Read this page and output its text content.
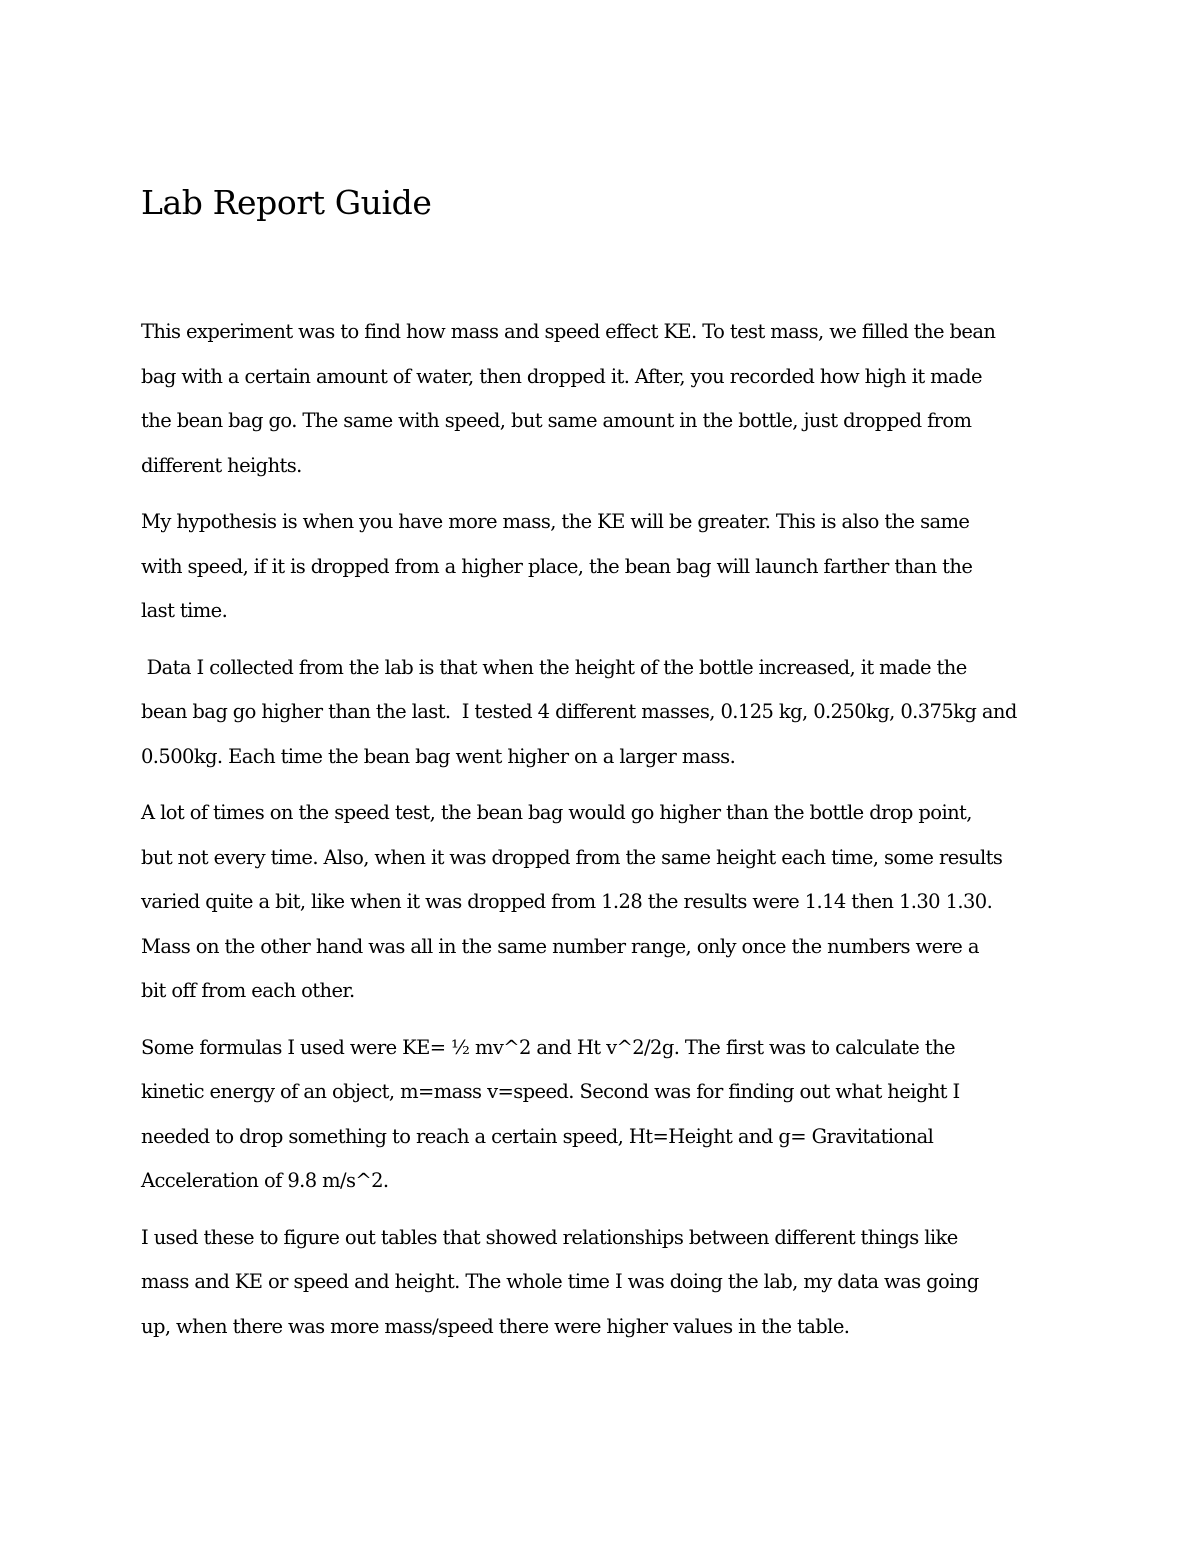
Lab Report Guide

This experiment was to find how mass and speed effect KE. To test mass, we filled the bean
bag with a certain amount of water, then dropped it. After, you recorded how high it made
the bean bag go. The same with speed, but same amount in the bottle, just dropped from
different heights.

My hypothesis is when you have more mass, the KE will be greater. This is also the same
with speed, if it is dropped from a higher place, the bean bag will launch farther than the
last time.

Data I collected from the lab is that when the height of the bottle increased, it made the
bean bag go higher than the last.  I tested 4 different masses, 0.125 kg, 0.250kg, 0.375kg and
0.500kg. Each time the bean bag went higher on a larger mass.

A lot of times on the speed test, the bean bag would go higher than the bottle drop point,
but not every time. Also, when it was dropped from the same height each time, some results
varied quite a bit, like when it was dropped from 1.28 the results were 1.14 then 1.30 1.30.
Mass on the other hand was all in the same number range, only once the numbers were a
bit off from each other.

Some formulas I used were KE= ½ mv^2 and Ht v^2/2g. The first was to calculate the
kinetic energy of an object, m=mass v=speed. Second was for finding out what height I
needed to drop something to reach a certain speed, Ht=Height and g= Gravitational
Acceleration of 9.8 m/s^2.

I used these to figure out tables that showed relationships between different things like
mass and KE or speed and height. The whole time I was doing the lab, my data was going
up, when there was more mass/speed there were higher values in the table.
